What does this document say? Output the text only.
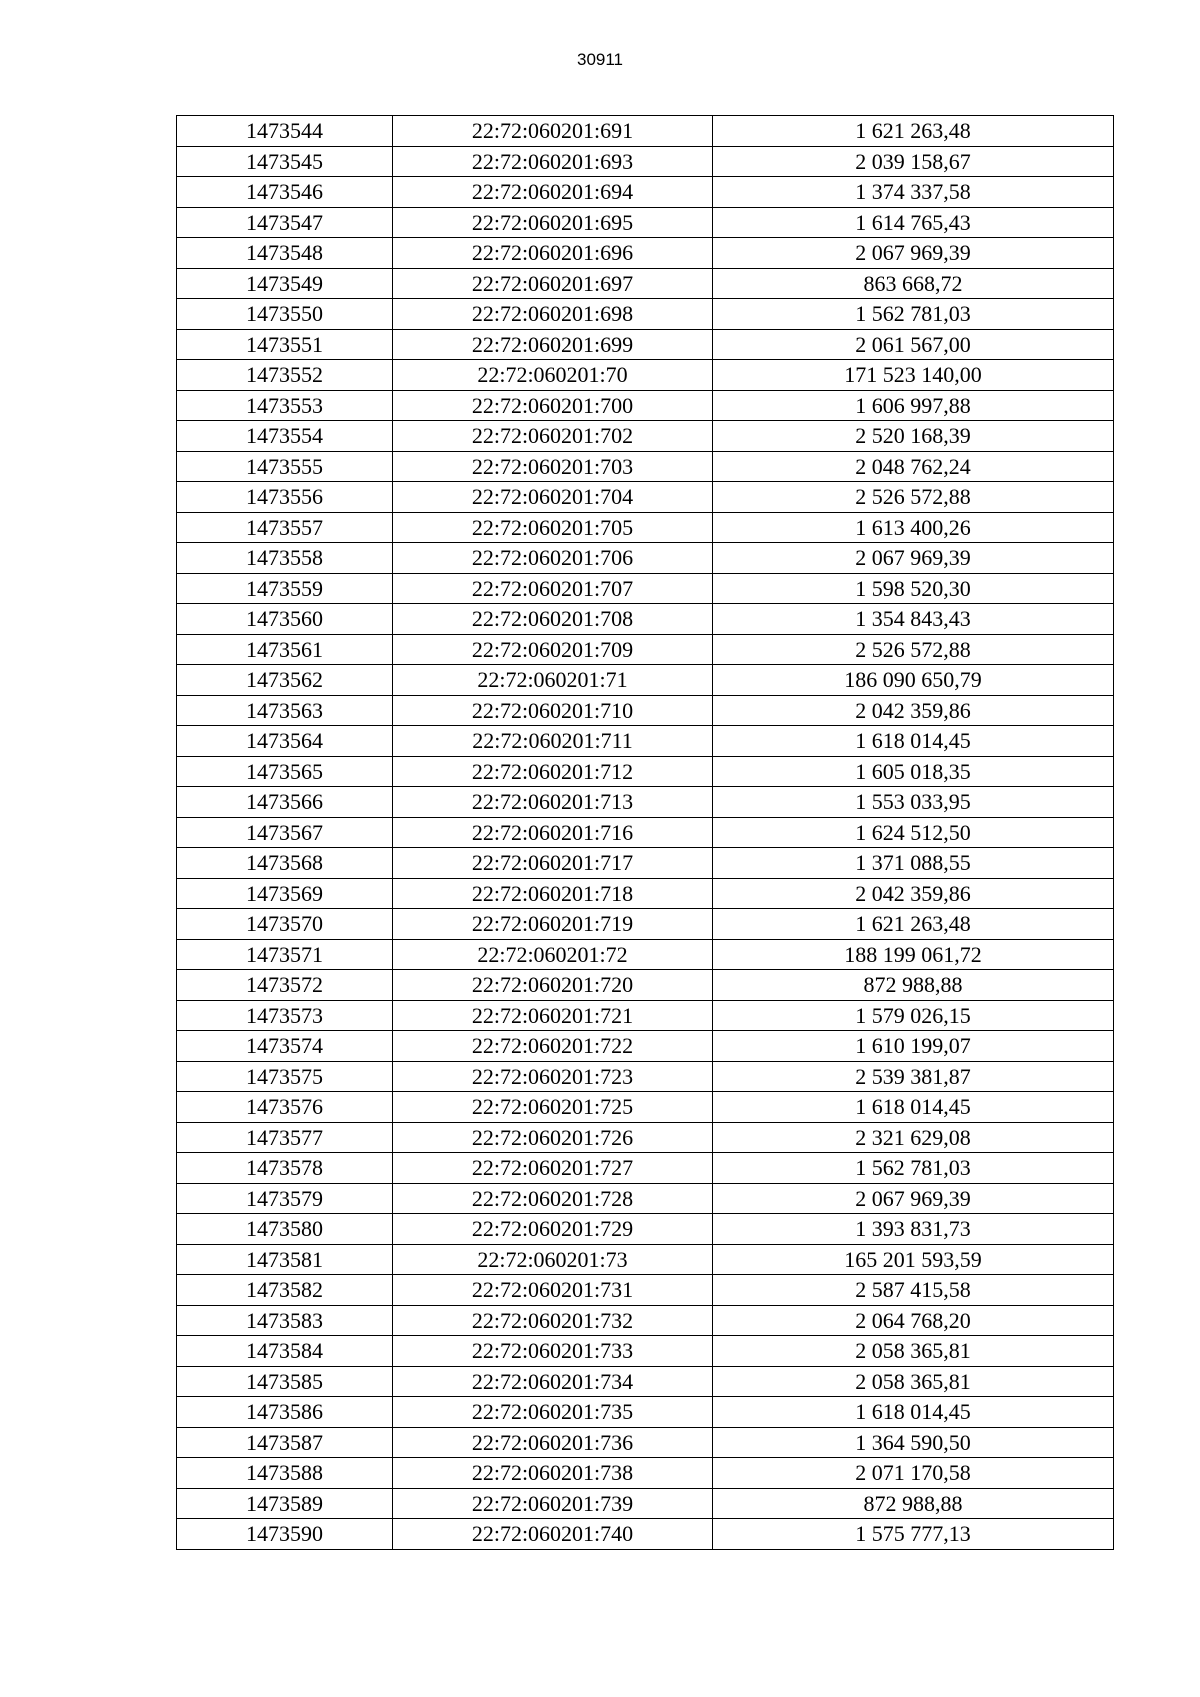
30911
1473544	22:72:060201:691	1 621 263,48
1473545	22:72:060201:693	2 039 158,67
1473546	22:72:060201:694	1 374 337,58
1473547	22:72:060201:695	1 614 765,43
1473548	22:72:060201:696	2 067 969,39
1473549	22:72:060201:697	863 668,72
1473550	22:72:060201:698	1 562 781,03
1473551	22:72:060201:699	2 061 567,00
1473552	22:72:060201:70	171 523 140,00
1473553	22:72:060201:700	1 606 997,88
1473554	22:72:060201:702	2 520 168,39
1473555	22:72:060201:703	2 048 762,24
1473556	22:72:060201:704	2 526 572,88
1473557	22:72:060201:705	1 613 400,26
1473558	22:72:060201:706	2 067 969,39
1473559	22:72:060201:707	1 598 520,30
1473560	22:72:060201:708	1 354 843,43
1473561	22:72:060201:709	2 526 572,88
1473562	22:72:060201:71	186 090 650,79
1473563	22:72:060201:710	2 042 359,86
1473564	22:72:060201:711	1 618 014,45
1473565	22:72:060201:712	1 605 018,35
1473566	22:72:060201:713	1 553 033,95
1473567	22:72:060201:716	1 624 512,50
1473568	22:72:060201:717	1 371 088,55
1473569	22:72:060201:718	2 042 359,86
1473570	22:72:060201:719	1 621 263,48
1473571	22:72:060201:72	188 199 061,72
1473572	22:72:060201:720	872 988,88
1473573	22:72:060201:721	1 579 026,15
1473574	22:72:060201:722	1 610 199,07
1473575	22:72:060201:723	2 539 381,87
1473576	22:72:060201:725	1 618 014,45
1473577	22:72:060201:726	2 321 629,08
1473578	22:72:060201:727	1 562 781,03
1473579	22:72:060201:728	2 067 969,39
1473580	22:72:060201:729	1 393 831,73
1473581	22:72:060201:73	165 201 593,59
1473582	22:72:060201:731	2 587 415,58
1473583	22:72:060201:732	2 064 768,20
1473584	22:72:060201:733	2 058 365,81
1473585	22:72:060201:734	2 058 365,81
1473586	22:72:060201:735	1 618 014,45
1473587	22:72:060201:736	1 364 590,50
1473588	22:72:060201:738	2 071 170,58
1473589	22:72:060201:739	872 988,88
1473590	22:72:060201:740	1 575 777,13
